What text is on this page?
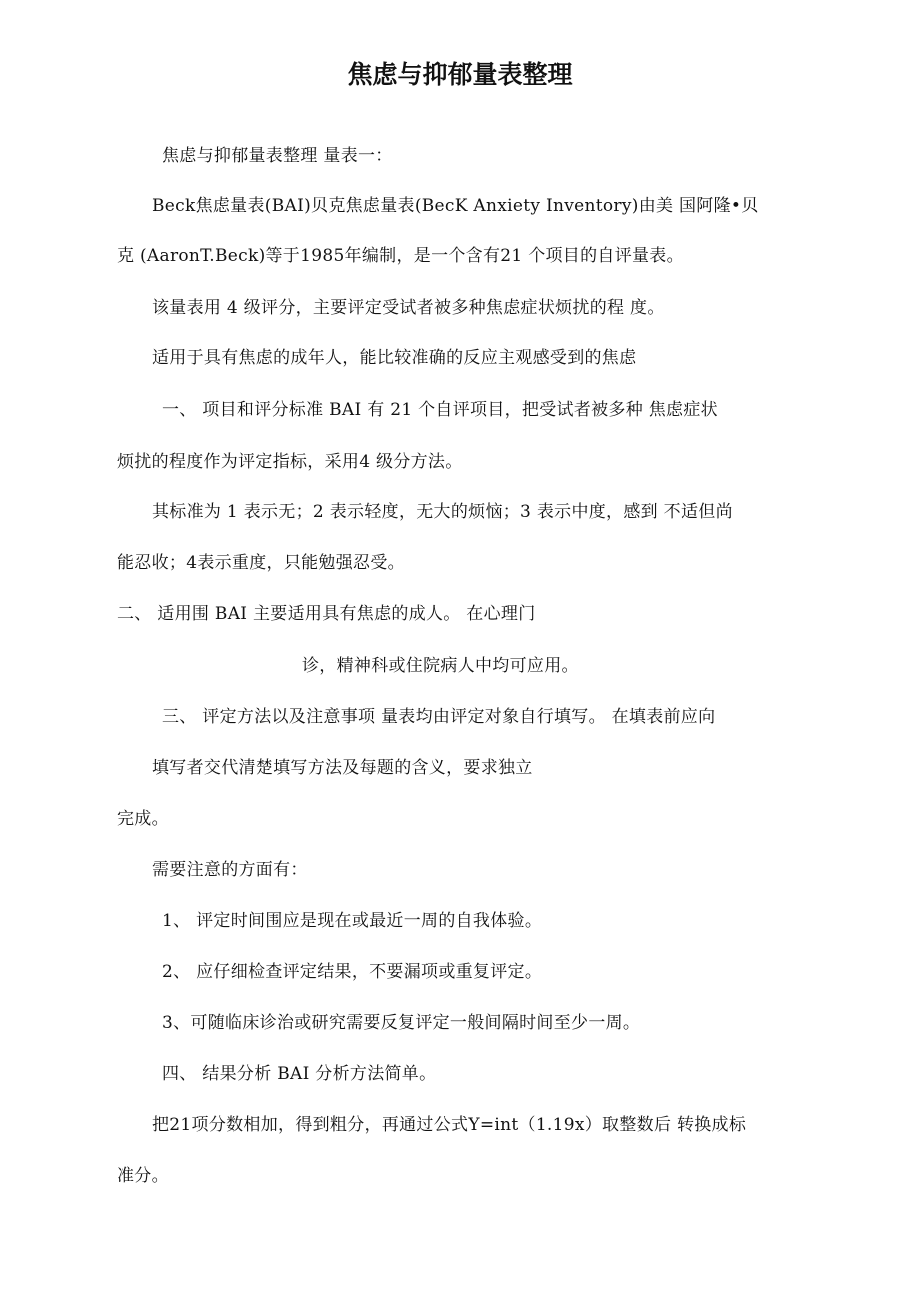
焦虑与抑郁量表整理

焦虑与抑郁量表整理 量表一：

Beck焦虑量表(BAI)贝克焦虑量表(BecK Anxiety Inventory)由美 国阿隆•贝

克 (AaronT.Beck)等于1985年编制，是一个含有21 个项目的自评量表。

该量表用 4 级评分，主要评定受试者被多种焦虑症状烦扰的程 度。

适用于具有焦虑的成年人，能比较准确的反应主观感受到的焦虑

一、 项目和评分标准 BAI 有 21 个自评项目，把受试者被多种 焦虑症状

烦扰的程度作为评定指标，采用4 级分方法。

其标准为 1 表示无；2 表示轻度，无大的烦恼；3 表示中度，感到 不适但尚

能忍收；4表示重度，只能勉强忍受。

二、 适用围 BAI 主要适用具有焦虑的成人。 在心理门

诊，精神科或住院病人中均可应用。

三、 评定方法以及注意事项 量表均由评定对象自行填写。 在填表前应向

填写者交代清楚填写方法及每题的含义，要求独立

完成。

需要注意的方面有：

1、 评定时间围应是现在或最近一周的自我体验。

2、 应仔细检查评定结果，不要漏项或重复评定。

3、可随临床诊治或研究需要反复评定一般间隔时间至少一周。

四、 结果分析 BAI 分析方法简单。

把21项分数相加，得到粗分，再通过公式Y=int（1.19x）取整数后 转换成标

准分。
